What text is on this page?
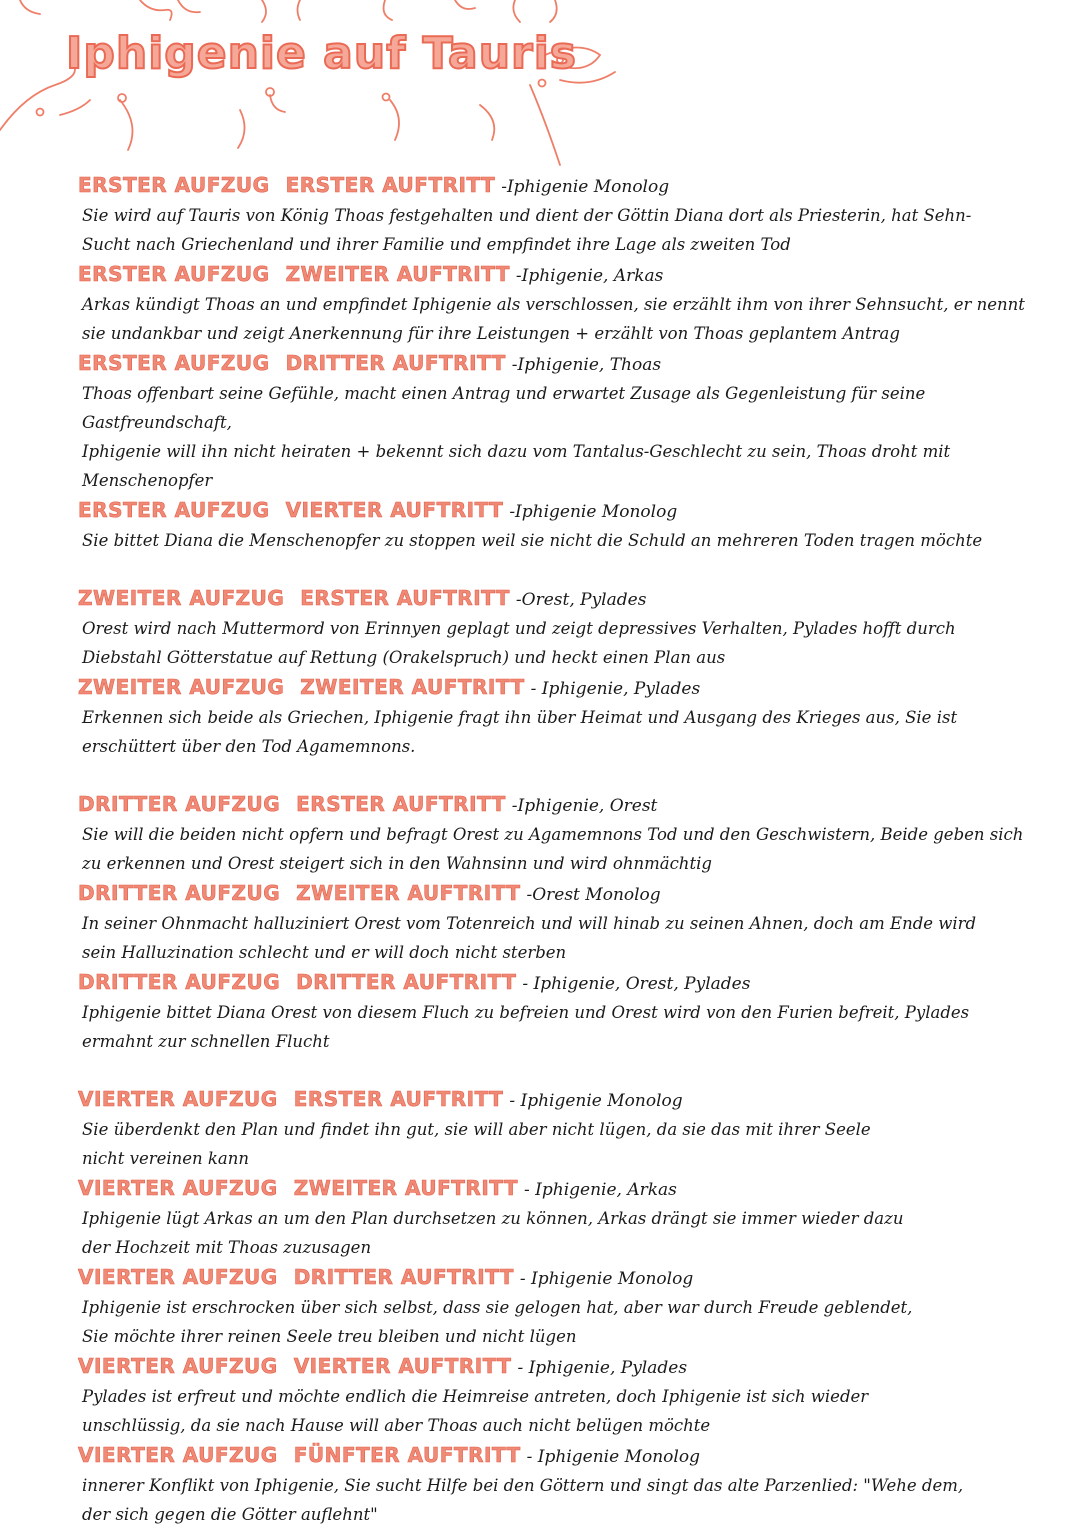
Iphigenie auf Tauris
ERSTER AUFZUG ERSTER AUFTRITT -Iphigenie Monolog

Sie wird auf Tauris von König Thoas festgehalten und dient der Göttin Diana dort als Priesterin, hat Sehn-

Sucht nach Griechenland und ihrer Familie und empfindet ihre Lage als zweiten Tod

ERSTER AUFZUG ZWEITER AUFTRITT -Iphigenie, Arkas

Arkas kündigt Thoas an und empfindet Iphigenie als verschlossen, sie erzählt ihm von ihrer Sehnsucht, er nennt

sie undankbar und zeigt Anerkennung für ihre Leistungen + erzählt von Thoas geplantem Antrag

ERSTER AUFZUG DRITTER AUFTRITT -Iphigenie, Thoas

Thoas offenbart seine Gefühle, macht einen Antrag und erwartet Zusage als Gegenleistung für seine Gastfreundschaft,

Iphigenie will ihn nicht heiraten + bekennt sich dazu vom Tantalus-Geschlecht zu sein, Thoas droht mit Menschenopfer

ERSTER AUFZUG VIERTER AUFTRITT -Iphigenie Monolog

Sie bittet Diana die Menschenopfer zu stoppen weil sie nicht die Schuld an mehreren Toden tragen möchte

ZWEITER AUFZUG ERSTER AUFTRITT -Orest, Pylades

Orest wird nach Muttermord von Erinnyen geplagt und zeigt depressives Verhalten, Pylades hofft durch

Diebstahl Götterstatue auf Rettung (Orakelspruch) und heckt einen Plan aus

ZWEITER AUFZUG ZWEITER AUFTRITT - Iphigenie, Pylades

Erkennen sich beide als Griechen, Iphigenie fragt ihn über Heimat und Ausgang des Krieges aus, Sie ist

erschüttert über den Tod Agamemnons.

DRITTER AUFZUG ERSTER AUFTRITT -Iphigenie, Orest

Sie will die beiden nicht opfern und befragt Orest zu Agamemnons Tod und den Geschwistern, Beide geben sich

zu erkennen und Orest steigert sich in den Wahnsinn und wird ohnmächtig

DRITTER AUFZUG ZWEITER AUFTRITT -Orest Monolog

In seiner Ohnmacht halluziniert Orest vom Totenreich und will hinab zu seinen Ahnen, doch am Ende wird

sein Halluzination schlecht und er will doch nicht sterben

DRITTER AUFZUG DRITTER AUFTRITT - Iphigenie, Orest, Pylades

Iphigenie bittet Diana Orest von diesem Fluch zu befreien und Orest wird von den Furien befreit, Pylades

ermahnt zur schnellen Flucht

VIERTER AUFZUG ERSTER AUFTRITT - Iphigenie Monolog

Sie überdenkt den Plan und findet ihn gut, sie will aber nicht lügen, da sie das mit ihrer Seele

nicht vereinen kann

VIERTER AUFZUG ZWEITER AUFTRITT - Iphigenie, Arkas

Iphigenie lügt Arkas an um den Plan durchsetzen zu können, Arkas drängt sie immer wieder dazu

der Hochzeit mit Thoas zuzusagen

VIERTER AUFZUG DRITTER AUFTRITT - Iphigenie Monolog

Iphigenie ist erschrocken über sich selbst, dass sie gelogen hat, aber war durch Freude geblendet,

Sie möchte ihrer reinen Seele treu bleiben und nicht lügen

VIERTER AUFZUG VIERTER AUFTRITT - Iphigenie, Pylades

Pylades ist erfreut und möchte endlich die Heimreise antreten, doch Iphigenie ist sich wieder

unschlüssig, da sie nach Hause will aber Thoas auch nicht belügen möchte

VIERTER AUFZUG FÜNFTER AUFTRITT - Iphigenie Monolog

innerer Konflikt von Iphigenie, Sie sucht Hilfe bei den Göttern und singt das alte Parzenlied: "Wehe dem,

der sich gegen die Götter auflehnt"
